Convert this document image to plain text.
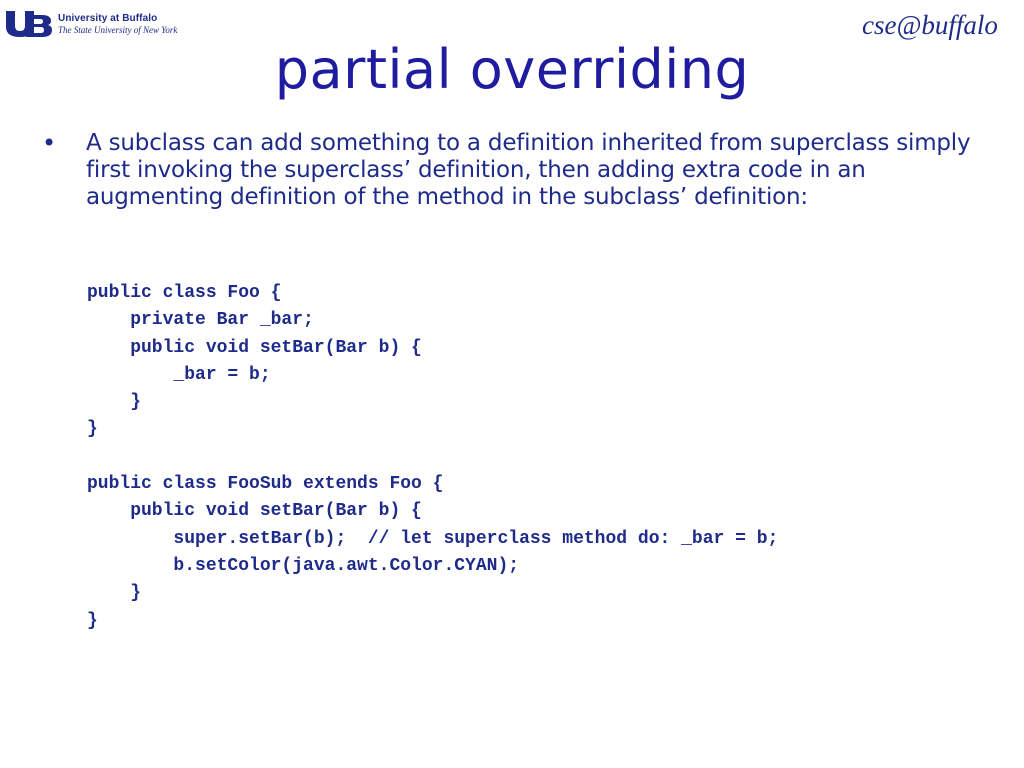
University at Buffalo
The State University of New York	cse@buffalo
partial overriding
•	A subclass can add something to a definition inherited from superclass simply first invoking the superclass’ definition, then adding extra code in an augmenting definition of the method in the subclass’ definition:
public class Foo {
private Bar _bar;
public void setBar(Bar b) {
_bar = b;
}
}

public class FooSub extends Foo {
public void setBar(Bar b) {
super.setBar(b);  // let superclass method do: _bar = b;
b.setColor(java.awt.Color.CYAN);
}
}
